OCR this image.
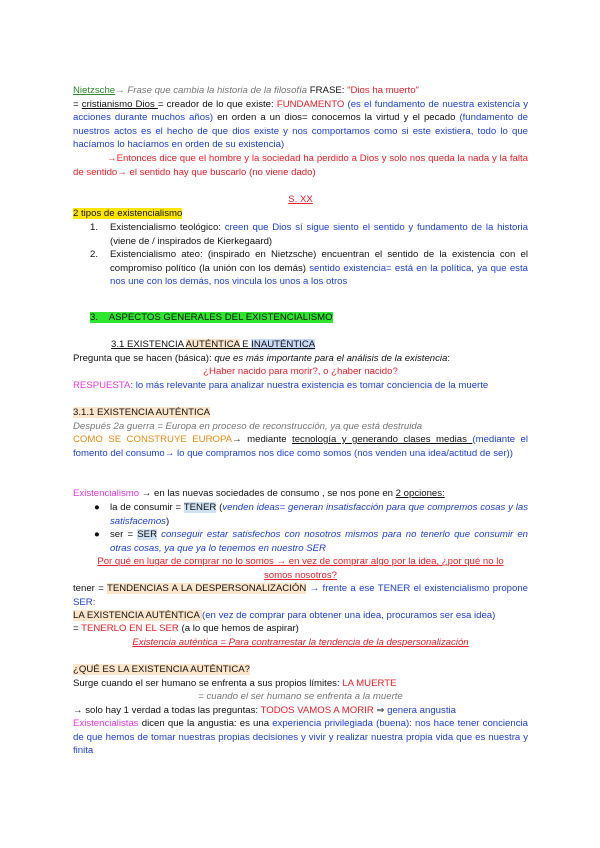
Nietzsche→ Frase que cambia la historia de la filosofía FRASE: "Dios ha muerto"
= cristianismo Dios = creador de lo que existe: FUNDAMENTO (es el fundamento de nuestra existencia y acciones durante muchos años) en orden a un dios= conocemos la virtud y el pecado (fundamento de nuestros actos es el hecho de que dios existe y nos comportamos como si este existiera, todo lo que hacíamos lo hacíamos en orden de su existencia)
→Entonces dice que el hombre y la sociedad ha perdido a Dios y solo nos queda la nada y la falta de sentido→ el sentido hay que buscarlo (no viene dado)
S. XX
2 tipos de existencialismo
1.	Existencialismo teológico: creen que Dios sí sigue siento el sentido y fundamento de la historia (viene de / inspirados de Kierkegaard)
2.	Existencialismo ateo: (inspirado en Nietzsche) encuentran el sentido de la existencia con el compromiso político (la unión con los demás) sentido existencia= está en la política, ya que esta nos une con los demás, nos vincula los unos a los otros
3. ASPECTOS GENERALES DEL EXISTENCIALISMO
3.1 EXISTENCIA AUTÉNTICA E INAUTÉNTICA
Pregunta que se hacen (básica): que es más importante para el análisis de la existencia:
¿Haber nacido para morir?, o ¿haber nacido?
RESPUESTA: lo más relevante para analizar nuestra existencia es tomar conciencia de la muerte
3.1.1 EXISTENCIA AUTÉNTICA
Después 2a guerra = Europa en proceso de reconstrucción, ya que está destruida
COMO SE CONSTRUYE EUROPA→ mediante tecnología y generando clases medias (mediante el fomento del consumo→ lo que compramos nos dice como somos (nos venden una idea/actitud de ser))
Existencialismo → en las nuevas sociedades de consumo , se nos pone en 2 opciones:
●	la de consumir = TENER (venden ideas= generan insatisfacción para que compremos cosas y las satisfacemos)
●	ser = SER conseguir estar satisfechos con nosotros mismos para no tenerlo que consumir en otras cosas, ya que ya lo tenemos en nuestro SER
Por qué en lugar de comprar no lo somos → en vez de comprar algo por la idea, ¿por qué no lo somos nosotros?
tener = TENDENCIAS A LA DESPERSONALIZACIÓN → frente a ese TENER el existencialismo propone SER:
LA EXISTENCIA AUTÉNTICA (en vez de comprar para obtener una idea, procuramos ser esa idea)
= TENERLO EN EL SER (a lo que hemos de aspirar)
Existencia auténtica = Para contrarrestar la tendencia de la despersonalización
¿QUÉ ES LA EXISTENCIA AUTÉNTICA?
Surge cuando el ser humano se enfrenta a sus propios límites: LA MUERTE
= cuando el ser humano se enfrenta a la muerte
→ solo hay 1 verdad a todas las preguntas: TODOS VAMOS A MORIR ⇒ genera angustia
Existencialistas dicen que la angustia: es una experiencia privilegiada (buena): nos hace tener conciencia de que hemos de tomar nuestras propias decisiones y vivir y realizar nuestra propia vida que es nuestra y finita
